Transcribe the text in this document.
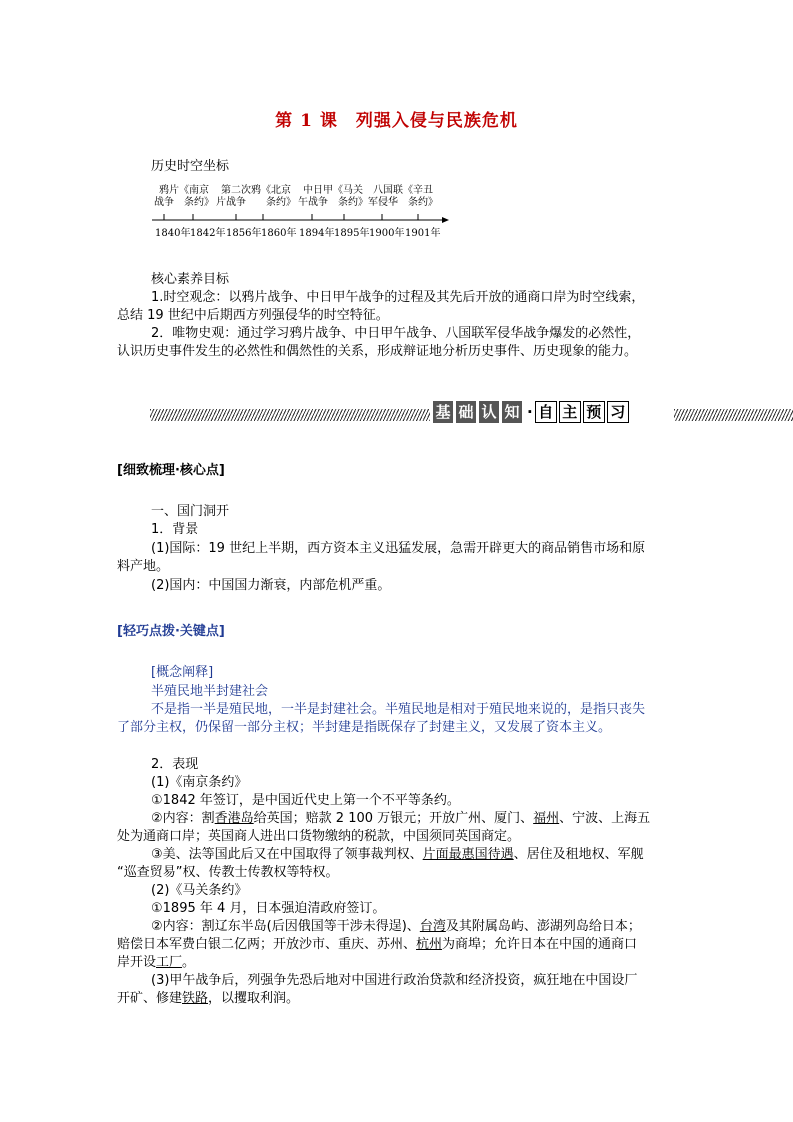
第 1 课　列强入侵与民族危机
历史时空坐标
鸦片《南京
战争　条约》
第二次鸦《北京
片战争　　条约》
中日甲《马关
午战争　条约》
八国联《辛丑
军侵华　条约》
1840年 1842年 1856年 1860年 1894年 1895年 1900年 1901年
核心素养目标
1.时空观念：以鸦片战争、中日甲午战争的过程及其先后开放的通商口岸为时空线索，
总结 19 世纪中后期西方列强侵华的时空特征。
2．唯物史观：通过学习鸦片战争、中日甲午战争、八国联军侵华战争爆发的必然性，
认识历史事件发生的必然性和偶然性的关系，形成辩证地分析历史事件、历史现象的能力。
基 础 认 知 · 自 主 预 习
[细致梳理·核心点]
一、国门洞开
1．背景
(1)国际：19 世纪上半期，西方资本主义迅猛发展，急需开辟更大的商品销售市场和原
料产地。
(2)国内：中国国力渐衰，内部危机严重。
[轻巧点拨·关键点]
[概念阐释]
半殖民地半封建社会
不是指一半是殖民地，一半是封建社会。半殖民地是相对于殖民地来说的，是指只丧失
了部分主权，仍保留一部分主权；半封建是指既保存了封建主义，又发展了资本主义。
2．表现
(1)《南京条约》
①1842 年签订，是中国近代史上第一个不平等条约。
②内容：割香港岛给英国；赔款 2 100 万银元；开放广州、厦门、福州、宁波、上海五
处为通商口岸；英国商人进出口货物缴纳的税款，中国须同英国商定。
③美、法等国此后又在中国取得了领事裁判权、片面最惠国待遇、居住及租地权、军舰
“巡查贸易”权、传教士传教权等特权。
(2)《马关条约》
①1895 年 4 月，日本强迫清政府签订。
②内容：割辽东半岛(后因俄国等干涉未得逞)、台湾及其附属岛屿、澎湖列岛给日本；
赔偿日本军费白银二亿两；开放沙市、重庆、苏州、杭州为商埠；允许日本在中国的通商口
岸开设工厂。
(3)甲午战争后，列强争先恐后地对中国进行政治贷款和经济投资，疯狂地在中国设厂
开矿、修建铁路，以攫取利润。
